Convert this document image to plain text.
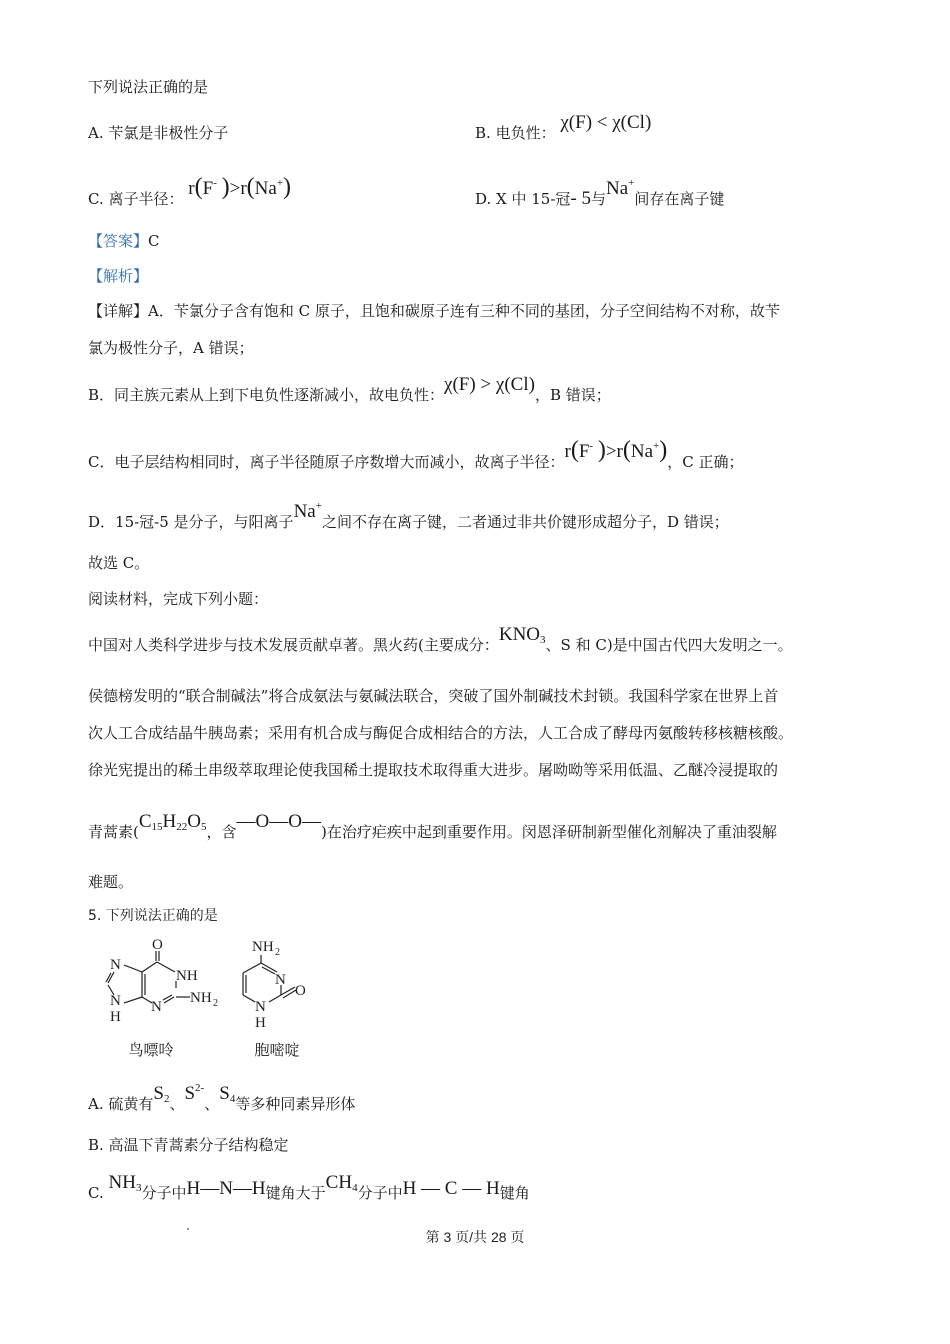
下列说法正确的是
A. 苄氯是非极性分子	B. 电负性： χ(F) < χ(Cl)
C. 离子半径： r(F- )>r(Na+)	D. X 中 15-冠- 5与Na+间存在离子键
【答案】C
【解析】
【详解】A．苄氯分子含有饱和 C 原子，且饱和碳原子连有三种不同的基团，分子空间结构不对称，故苄
氯为极性分子，A 错误；
B．同主族元素从上到下电负性逐渐减小，故电负性：χ(F) > χ(Cl)，B 错误；
C．电子层结构相同时，离子半径随原子序数增大而减小，故离子半径：r(F- )>r(Na+)，C 正确；
D．15-冠-5 是分子，与阳离子Na+之间不存在离子键，二者通过非共价键形成超分子，D 错误；
故选 C。
阅读材料，完成下列小题：
中国对人类科学进步与技术发展贡献卓著。黑火药(主要成分：$KNO_3$、S 和 C)是中国古代四大发明之一。
侯德榜发明的“联合制碱法”将合成氨法与氨碱法联合，突破了国外制碱技术封锁。我国科学家在世界上首
次人工合成结晶牛胰岛素；采用有机合成与酶促合成相结合的方法，人工合成了酵母丙氨酸转移核糖核酸。
徐光宪提出的稀土串级萃取理论使我国稀土提取技术取得重大进步。屠呦呦等采用低温、乙醚冷浸提取的
青蒿素($C_{15}H_{22}O_5$，含—O—O—)在治疗疟疾中起到重要作用。闵恩泽研制新型催化剂解决了重油裂解
难题。
5. 下列说法正确的是
O
NH
N
NH 2
N
N
H
鸟嘌呤
NH 2
N
N
H
O
胞嘧啶
A. 硫黄有$S_2$、$S^{2-}$、$S_4$等多种同素异形体
B. 高温下青蒿素分子结构稳定
C. $NH_3$分子中H—N—H键角大于$CH_4$分子中H — C — H键角
第 3 页/共 28 页
